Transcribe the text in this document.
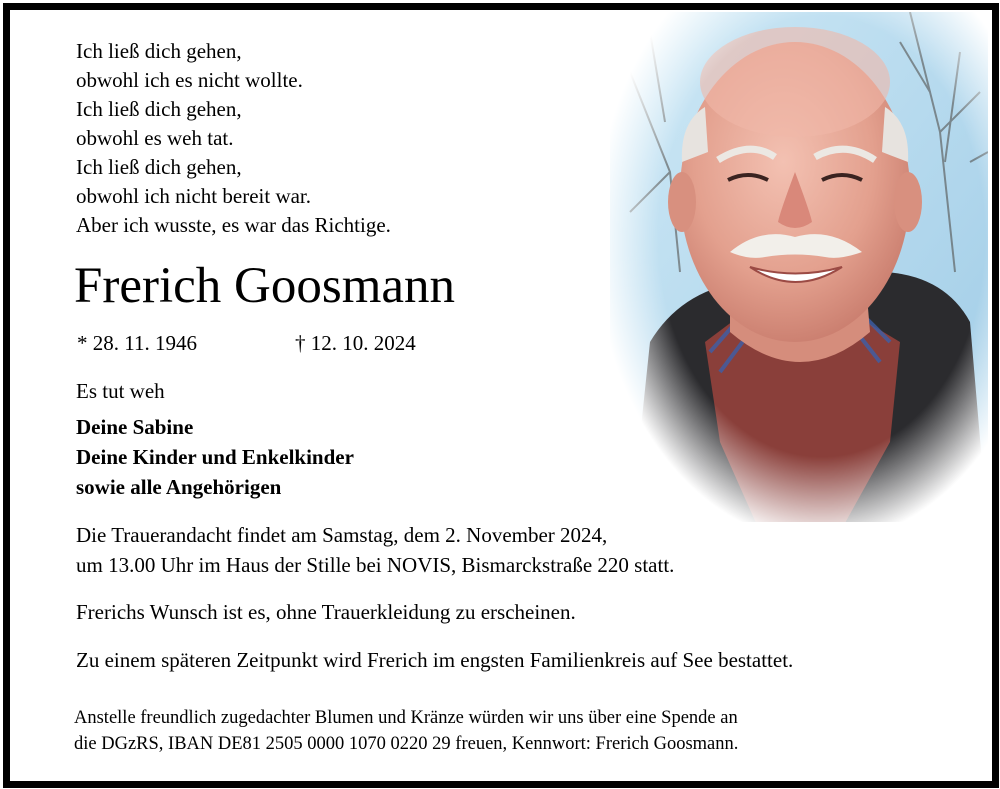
Ich ließ dich gehen,
obwohl ich es nicht wollte.
Ich ließ dich gehen,
obwohl es weh tat.
Ich ließ dich gehen,
obwohl ich nicht bereit war.
Aber ich wusste, es war das Richtige.
Frerich Goosmann
* 28. 11. 1946	† 12. 10. 2024
Es tut weh
Deine Sabine
Deine Kinder und Enkelkinder
sowie alle Angehörigen
Die Trauerandacht findet am Samstag, dem 2. November 2024,
um 13.00 Uhr im Haus der Stille bei NOVIS, Bismarckstraße 220 statt.
Frerichs Wunsch ist es, ohne Trauerkleidung zu erscheinen.
Zu einem späteren Zeitpunkt wird Frerich im engsten Familienkreis auf See bestattet.
Anstelle freundlich zugedachter Blumen und Kränze würden wir uns über eine Spende an
die DGzRS, IBAN DE81 2505 0000 1070 0220 29 freuen, Kennwort: Frerich Goosmann.
